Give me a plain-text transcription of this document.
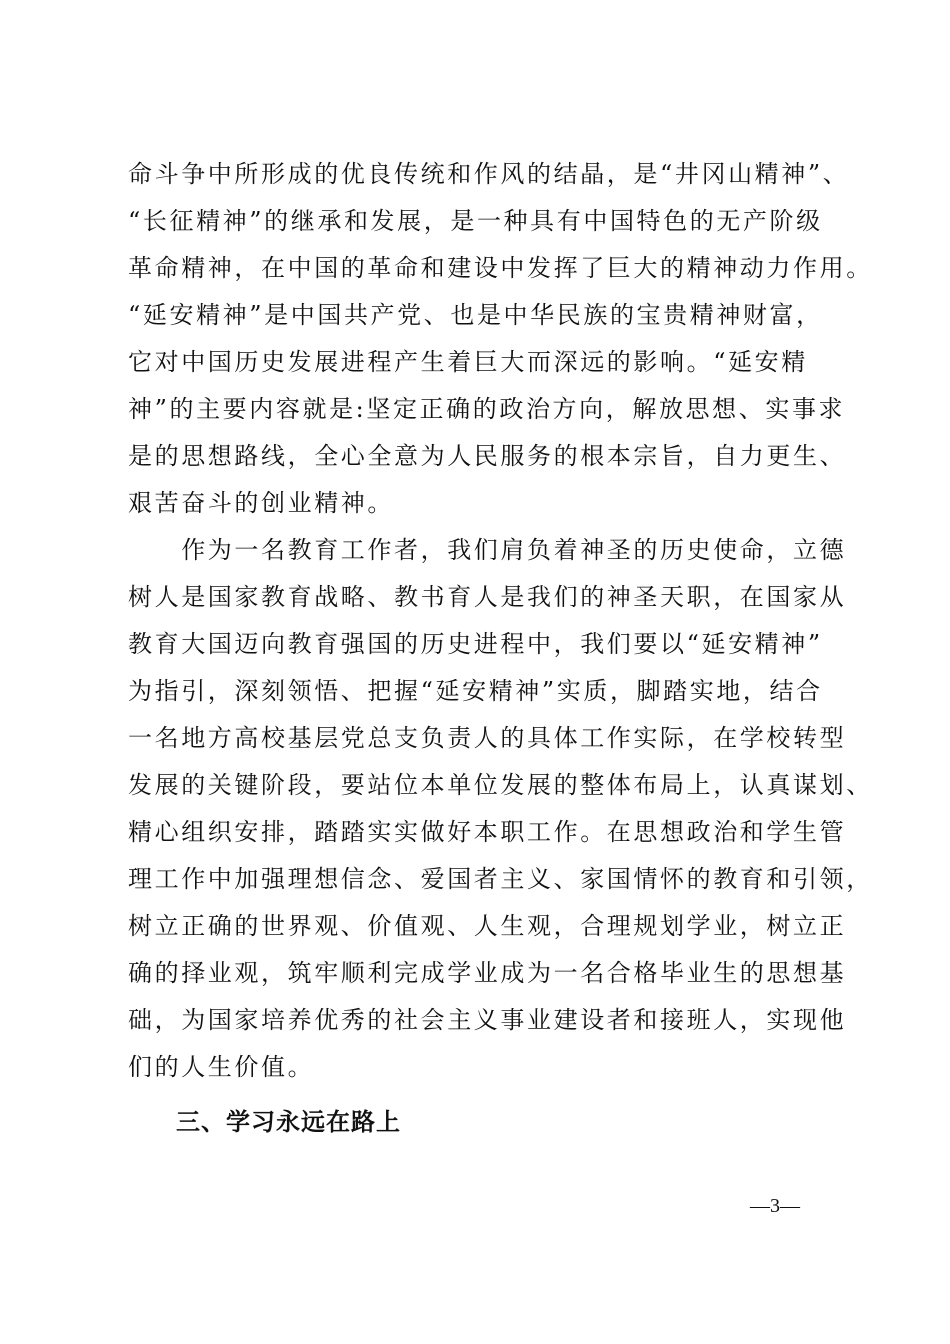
命斗争中所形成的优良传统和作风的结晶，是“井冈山精神”、
“长征精神”的继承和发展，是一种具有中国特色的无产阶级
革命精神，在中国的革命和建设中发挥了巨大的精神动力作用。
“延安精神”是中国共产党、也是中华民族的宝贵精神财富，
它对中国历史发展进程产生着巨大而深远的影响。“延安精
神”的主要内容就是:坚定正确的政治方向，解放思想、实事求
是的思想路线，全心全意为人民服务的根本宗旨，自力更生、
艰苦奋斗的创业精神。
　　作为一名教育工作者，我们肩负着神圣的历史使命，立德
树人是国家教育战略、教书育人是我们的神圣天职，在国家从
教育大国迈向教育强国的历史进程中，我们要以“延安精神”
为指引，深刻领悟、把握“延安精神”实质，脚踏实地，结合
一名地方高校基层党总支负责人的具体工作实际，在学校转型
发展的关键阶段，要站位本单位发展的整体布局上，认真谋划、
精心组织安排，踏踏实实做好本职工作。在思想政治和学生管
理工作中加强理想信念、爱国者主义、家国情怀的教育和引领，
树立正确的世界观、价值观、人生观，合理规划学业，树立正
确的择业观，筑牢顺利完成学业成为一名合格毕业生的思想基
础，为国家培养优秀的社会主义事业建设者和接班人，实现他
们的人生价值。
三、学习永远在路上
—3—
